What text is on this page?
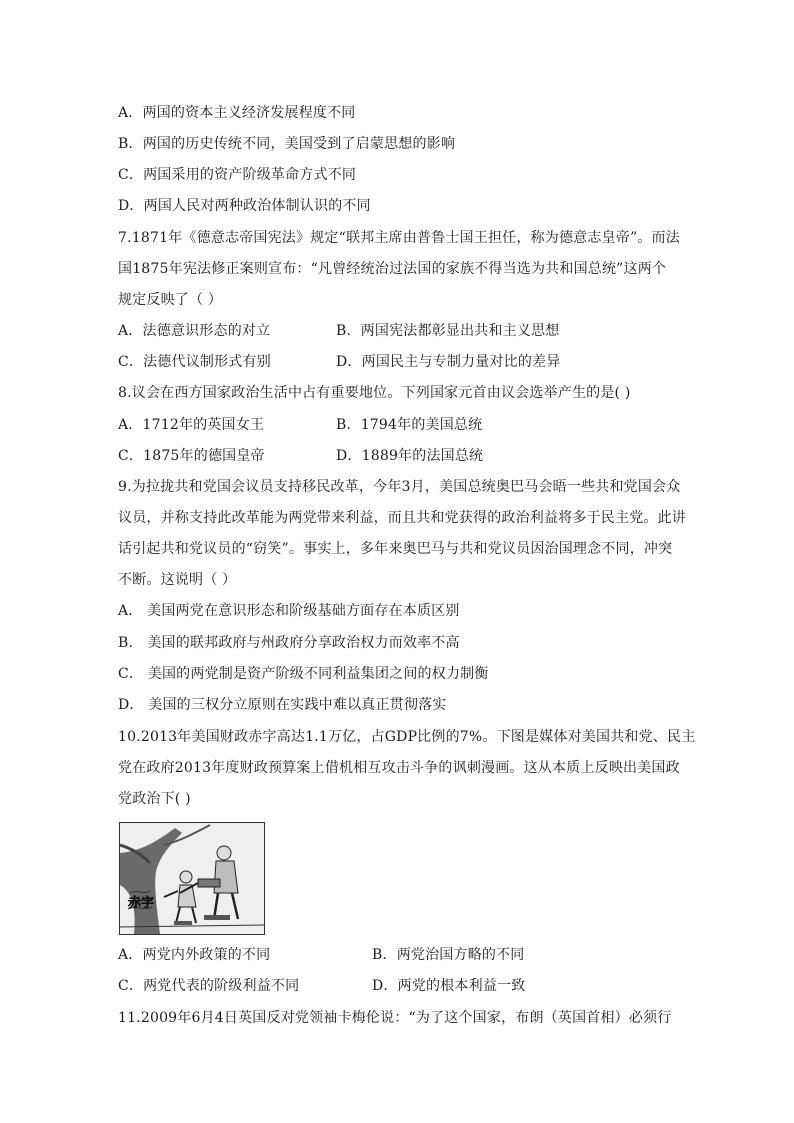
A．两国的资本主义经济发展程度不同
B．两国的历史传统不同，美国受到了启蒙思想的影响
C．两国采用的资产阶级革命方式不同
D．两国人民对两种政治体制认识的不同
7.1871年《德意志帝国宪法》规定“联邦主席由普鲁士国王担任，称为德意志皇帝”。而法
国1875年宪法修正案则宣布：“凡曾经统治过法国的家族不得当选为共和国总统”这两个
规定反映了（ ）
A．法德意识形态的对立	B．两国宪法都彰显出共和主义思想
C．法德代议制形式有别	D．两国民主与专制力量对比的差异
8.议会在西方国家政治生活中占有重要地位。下列国家元首由议会选举产生的是( )
A．1712年的英国女王	B．1794年的美国总统
C．1875年的德国皇帝	D．1889年的法国总统
9.为拉拢共和党国会议员支持移民改革，今年3月，美国总统奥巴马会晤一些共和党国会众
议员，并称支持此改革能为两党带来利益，而且共和党获得的政治利益将多于民主党。此讲
话引起共和党议员的“窃笑”。事实上，多年来奥巴马与共和党议员因治国理念不同，冲突
不断。这说明（ ）
A． 美国两党在意识形态和阶级基础方面存在本质区别
B． 美国的联邦政府与州政府分享政治权力而效率不高
C． 美国的两党制是资产阶级不同利益集团之间的权力制衡
D． 美国的三权分立原则在实践中难以真正贯彻落实
10.2013年美国财政赤字高达1.1万亿，占GDP比例的7%。下图是媒体对美国共和党、民主
党在政府2013年度财政预算案上借机相互攻击斗争的讽刺漫画。这从本质上反映出美国政
党政治下( )
赤字
A．两党内外政策的不同	B．两党治国方略的不同
C．两党代表的阶级利益不同	D．两党的根本利益一致
11.2009年6月4日英国反对党领袖卡梅伦说：“为了这个国家，布朗（英国首相）必须行
